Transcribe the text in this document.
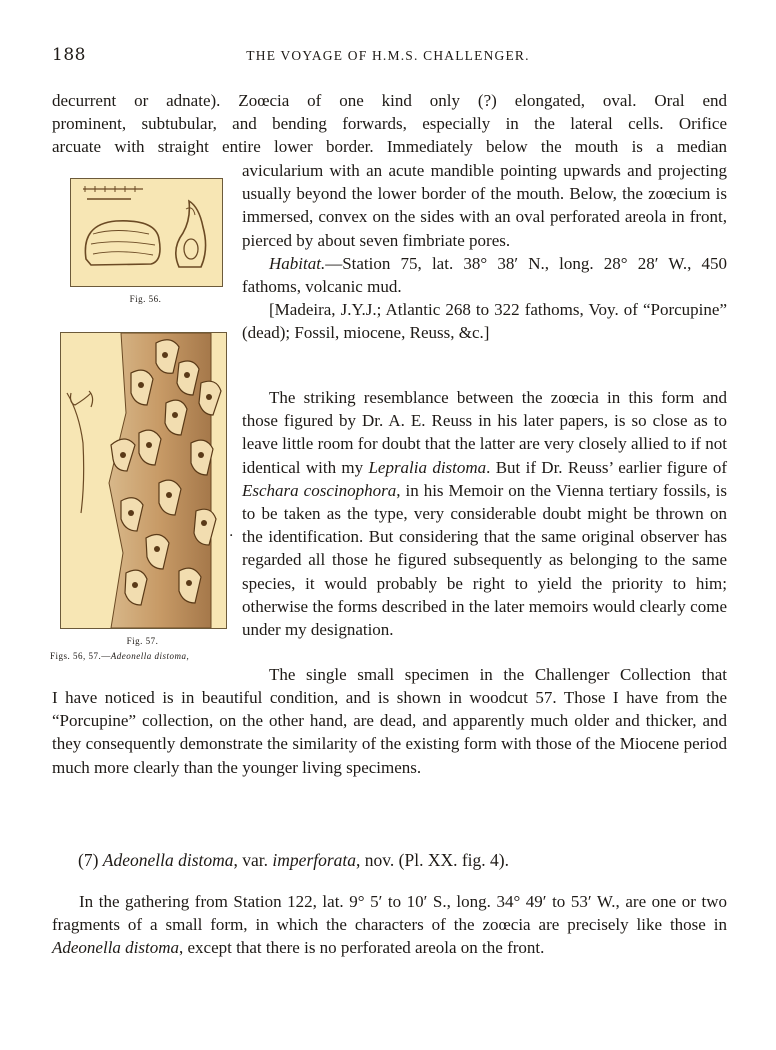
188	THE VOYAGE OF H.M.S. CHALLENGER.
decurrent or adnate). Zoœcia of one kind only (?) elongated, oval. Oral end
prominent, subtubular, and bending forwards, especially in the lateral cells. Orifice
arcuate with straight entire lower border. Immediately below the mouth is a median

avicularium with an acute mandible pointing upwards and projecting usually beyond the lower border of the mouth. Below, the zoœcium is immersed, convex on the sides with an oval perforated areola in front, pierced by about seven fimbriate pores.

Habitat.—Station 75, lat. 38° 38′ N., long. 28° 28′ W., 450 fathoms, volcanic mud.

[Madeira, J.Y.J.; Atlantic 268 to 322 fathoms, Voy. of “Porcupine” (dead); Fossil, miocene, Reuss, &c.]

The striking resemblance between the zoœcia in this form and those figured by Dr. A. E. Reuss in his later papers, is so close as to leave little room for doubt that the latter are very closely allied to if not identical with my Lepralia distoma. But if Dr. Reuss’ earlier figure of Eschara coscinophora, in his Memoir on the Vienna tertiary fossils, is to be taken as the type, very considerable doubt might be thrown on the identification. But considering that the same original observer has regarded all those he figured subsequently as belonging to the same species, it would probably be right to yield the priority to him; otherwise the forms described in the later memoirs would clearly come under my designation.

The single small specimen in the Challenger Collection that

I have noticed is in beautiful condition, and is shown in woodcut 57. Those I have from the “Porcupine” collection, on the other hand, are dead, and apparently much older and thicker, and they consequently demonstrate the similarity of the existing form with those of the Miocene period much more clearly than the younger living specimens.

·
Fig. 56.
Fig. 57.
Figs. 56, 57.—Adeonella distoma,
(7) Adeonella distoma, var. imperforata, nov. (Pl. XX. fig. 4).

In the gathering from Station 122, lat. 9° 5′ to 10′ S., long. 34° 49′ to 53′ W., are one or two fragments of a small form, in which the characters of the zoœcia are precisely like those in Adeonella distoma, except that there is no perforated areola on the front.
